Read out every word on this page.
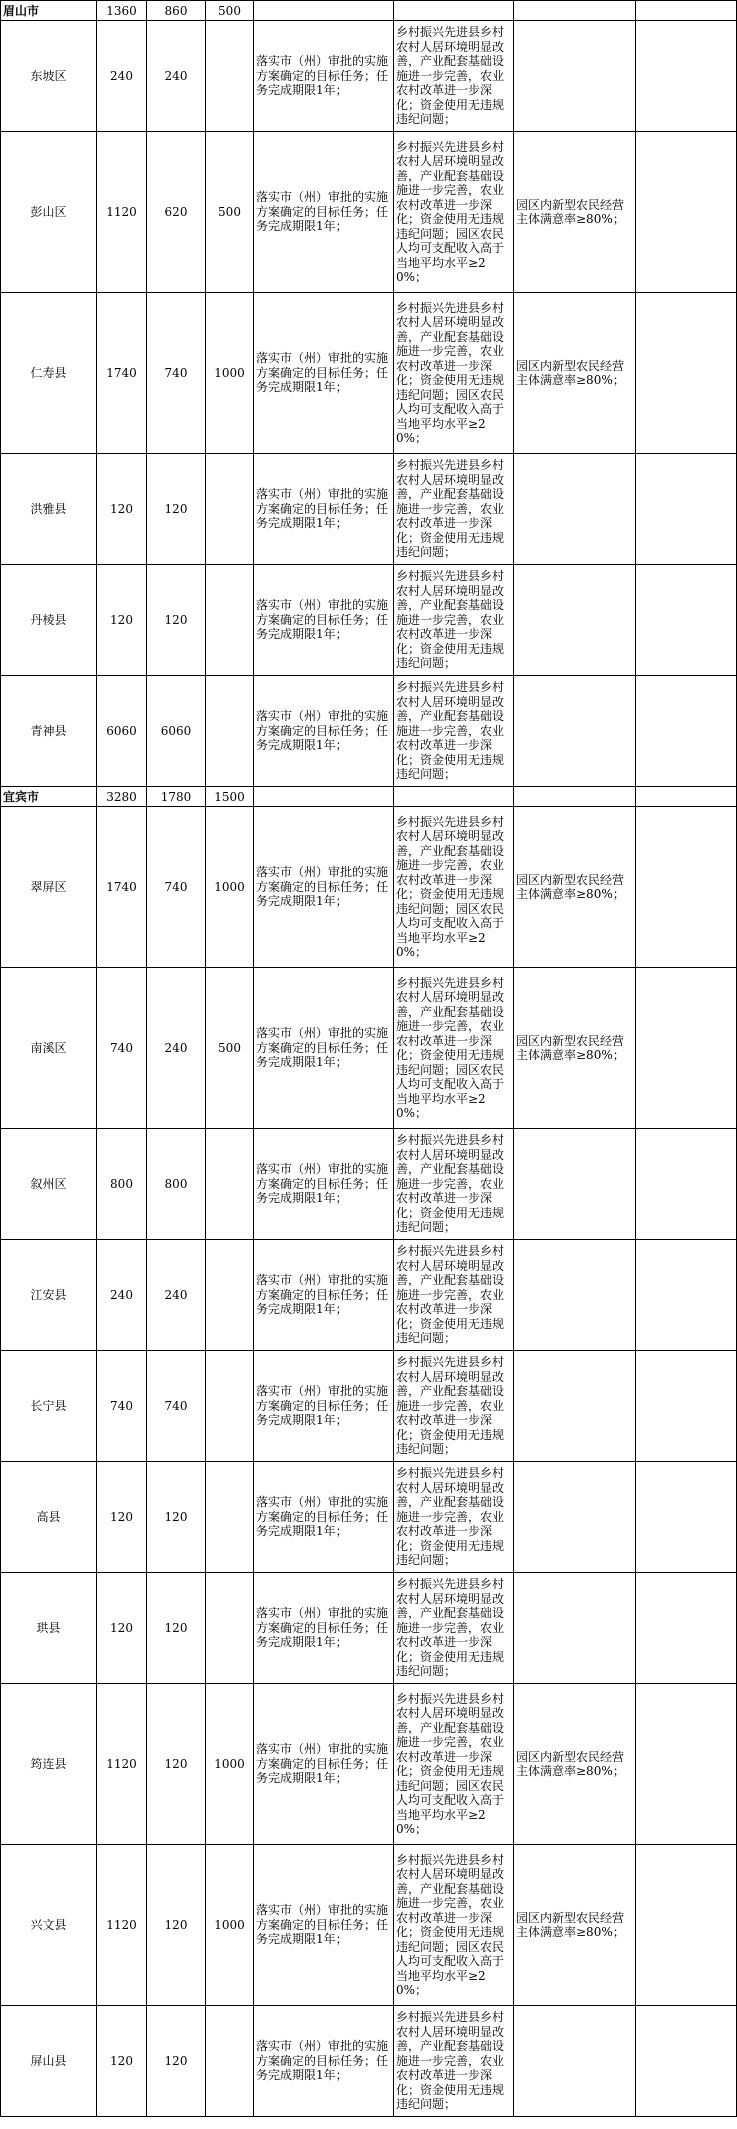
眉山市	1360	860	500				
东坡区	240	240		落实市（州）审批的实施方案确定的目标任务；任务完成期限1年；	乡村振兴先进县乡村农村人居环境明显改善，产业配套基础设施进一步完善，农业农村改革进一步深化；资金使用无违规违纪问题；		
彭山区	1120	620	500	落实市（州）审批的实施方案确定的目标任务；任务完成期限1年；	乡村振兴先进县乡村农村人居环境明显改善，产业配套基础设施进一步完善，农业农村改革进一步深化；资金使用无违规违纪问题；园区农民人均可支配收入高于当地平均水平≥20%；	园区内新型农民经营主体满意率≥80%；	
仁寿县	1740	740	1000	落实市（州）审批的实施方案确定的目标任务；任务完成期限1年；	乡村振兴先进县乡村农村人居环境明显改善，产业配套基础设施进一步完善，农业农村改革进一步深化；资金使用无违规违纪问题；园区农民人均可支配收入高于当地平均水平≥20%；	园区内新型农民经营主体满意率≥80%；	
洪雅县	120	120		落实市（州）审批的实施方案确定的目标任务；任务完成期限1年；	乡村振兴先进县乡村农村人居环境明显改善，产业配套基础设施进一步完善，农业农村改革进一步深化；资金使用无违规违纪问题；		
丹棱县	120	120		落实市（州）审批的实施方案确定的目标任务；任务完成期限1年；	乡村振兴先进县乡村农村人居环境明显改善，产业配套基础设施进一步完善，农业农村改革进一步深化；资金使用无违规违纪问题；		
青神县	6060	6060		落实市（州）审批的实施方案确定的目标任务；任务完成期限1年；	乡村振兴先进县乡村农村人居环境明显改善，产业配套基础设施进一步完善，农业农村改革进一步深化；资金使用无违规违纪问题；		
宜宾市	3280	1780	1500				
翠屏区	1740	740	1000	落实市（州）审批的实施方案确定的目标任务；任务完成期限1年；	乡村振兴先进县乡村农村人居环境明显改善，产业配套基础设施进一步完善，农业农村改革进一步深化；资金使用无违规违纪问题；园区农民人均可支配收入高于当地平均水平≥20%；	园区内新型农民经营主体满意率≥80%；	
南溪区	740	240	500	落实市（州）审批的实施方案确定的目标任务；任务完成期限1年；	乡村振兴先进县乡村农村人居环境明显改善，产业配套基础设施进一步完善，农业农村改革进一步深化；资金使用无违规违纪问题；园区农民人均可支配收入高于当地平均水平≥20%；	园区内新型农民经营主体满意率≥80%；	
叙州区	800	800		落实市（州）审批的实施方案确定的目标任务；任务完成期限1年；	乡村振兴先进县乡村农村人居环境明显改善，产业配套基础设施进一步完善，农业农村改革进一步深化；资金使用无违规违纪问题；		
江安县	240	240		落实市（州）审批的实施方案确定的目标任务；任务完成期限1年；	乡村振兴先进县乡村农村人居环境明显改善，产业配套基础设施进一步完善，农业农村改革进一步深化；资金使用无违规违纪问题；		
长宁县	740	740		落实市（州）审批的实施方案确定的目标任务；任务完成期限1年；	乡村振兴先进县乡村农村人居环境明显改善，产业配套基础设施进一步完善，农业农村改革进一步深化；资金使用无违规违纪问题；		
高县	120	120		落实市（州）审批的实施方案确定的目标任务；任务完成期限1年；	乡村振兴先进县乡村农村人居环境明显改善，产业配套基础设施进一步完善，农业农村改革进一步深化；资金使用无违规违纪问题；		
珙县	120	120		落实市（州）审批的实施方案确定的目标任务；任务完成期限1年；	乡村振兴先进县乡村农村人居环境明显改善，产业配套基础设施进一步完善，农业农村改革进一步深化；资金使用无违规违纪问题；		
筠连县	1120	120	1000	落实市（州）审批的实施方案确定的目标任务；任务完成期限1年；	乡村振兴先进县乡村农村人居环境明显改善，产业配套基础设施进一步完善，农业农村改革进一步深化；资金使用无违规违纪问题；园区农民人均可支配收入高于当地平均水平≥20%；	园区内新型农民经营主体满意率≥80%；	
兴文县	1120	120	1000	落实市（州）审批的实施方案确定的目标任务；任务完成期限1年；	乡村振兴先进县乡村农村人居环境明显改善，产业配套基础设施进一步完善，农业农村改革进一步深化；资金使用无违规违纪问题；园区农民人均可支配收入高于当地平均水平≥20%；	园区内新型农民经营主体满意率≥80%；	
屏山县	120	120		落实市（州）审批的实施方案确定的目标任务；任务完成期限1年；	乡村振兴先进县乡村农村人居环境明显改善，产业配套基础设施进一步完善，农业农村改革进一步深化；资金使用无违规违纪问题；		
